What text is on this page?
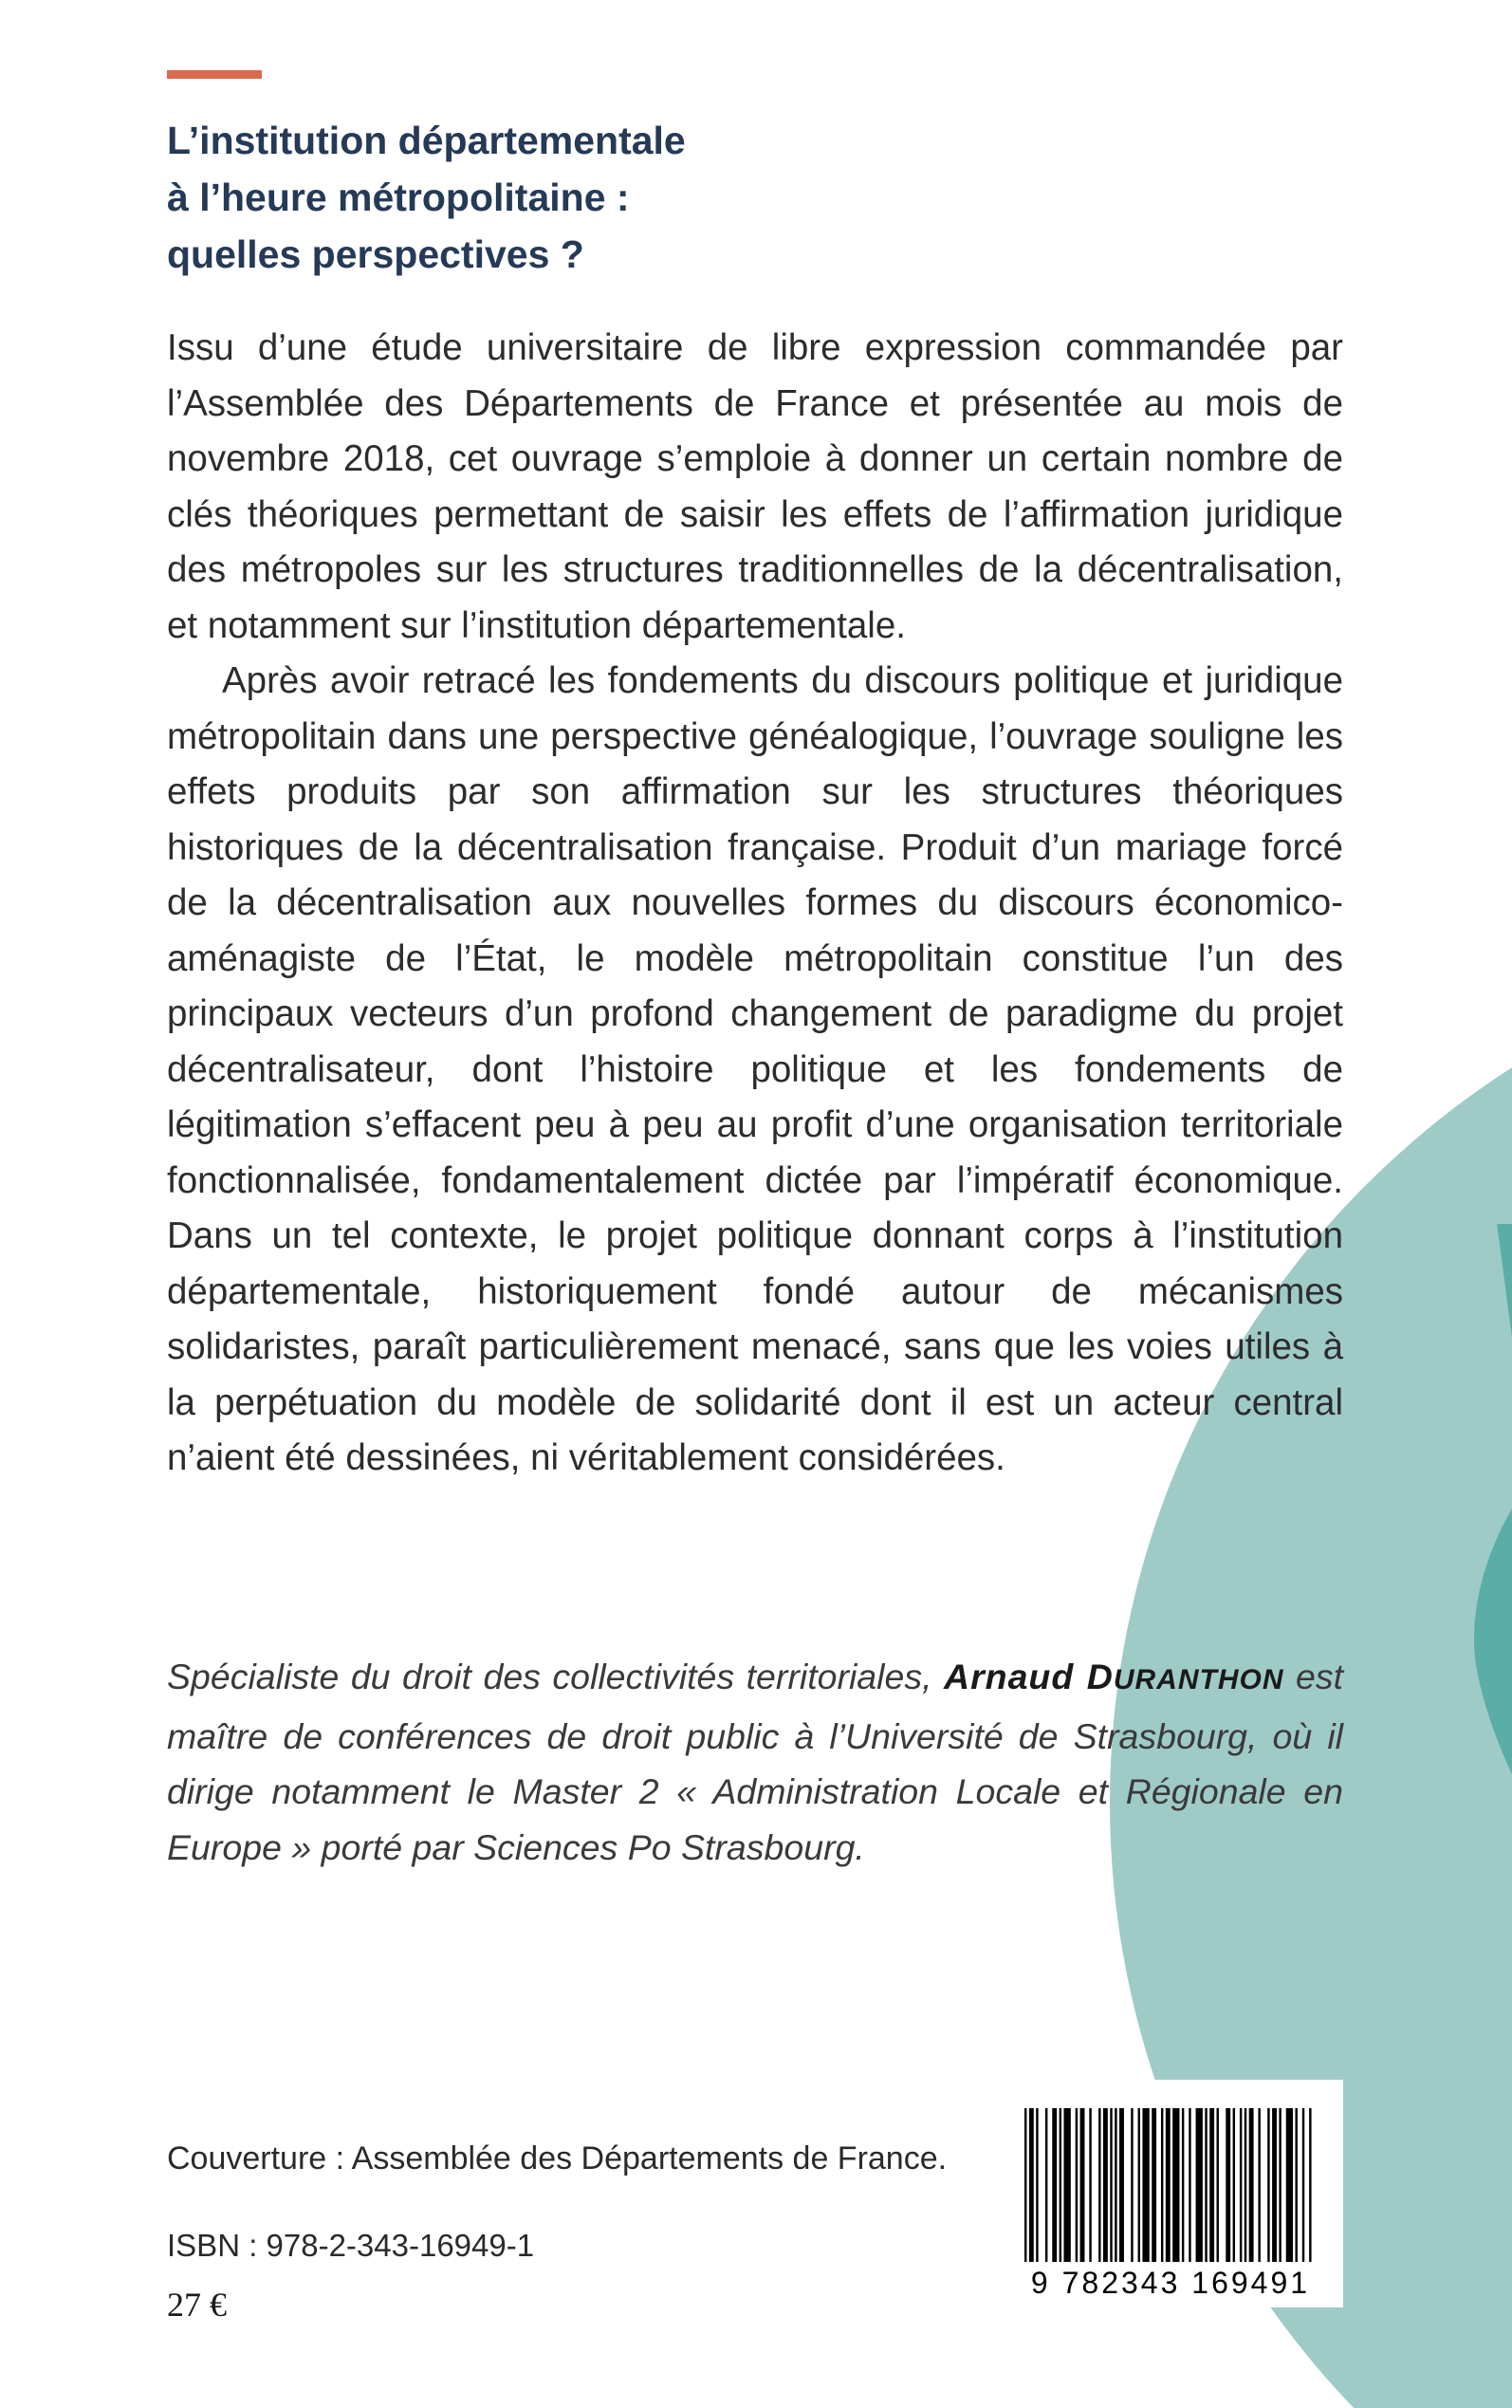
L’institution départementale
à l’heure métropolitaine :
quelles perspectives ?

Issu d’une étude universitaire de libre expression commandée par l’Assemblée des Départements de France et présentée au mois de novembre 2018, cet ouvrage s’emploie à donner un certain nombre de clés théoriques permettant de saisir les effets de l’affirmation juridique des métropoles sur les structures traditionnelles de la décentralisation, et notamment sur l’institution départementale.

Après avoir retracé les fondements du discours politique et juridique métropolitain dans une perspective généalogique, l’ouvrage souligne les effets produits par son affirmation sur les structures théoriques historiques de la décentralisation française. Produit d’un mariage forcé de la décentralisation aux nouvelles formes du discours économico-aménagiste de l’État, le modèle métropolitain constitue l’un des principaux vecteurs d’un profond changement de paradigme du projet décentralisateur, dont l’histoire politique et les fondements de légitimation s’effacent peu à peu au profit d’une organisation territoriale fonctionnalisée, fondamentalement dictée par l’impératif économique. Dans un tel contexte, le projet politique donnant corps à l’institution départementale, historiquement fondé autour de mécanismes solidaristes, paraît particulièrement menacé, sans que les voies utiles à la perpétuation du modèle de solidarité dont il est un acteur central n’aient été dessinées, ni véritablement considérées.

Spécialiste du droit des collectivités territoriales, Arnaud DURANTHON est maître de conférences de droit public à l’Université de Strasbourg, où il dirige notamment le Master 2 « Administration Locale et Régionale en Europe » porté par Sciences Po Strasbourg.

Couverture : Assemblée des Départements de France.
ISBN : 978-2-343-16949-1
27 €
9 782343 169491
